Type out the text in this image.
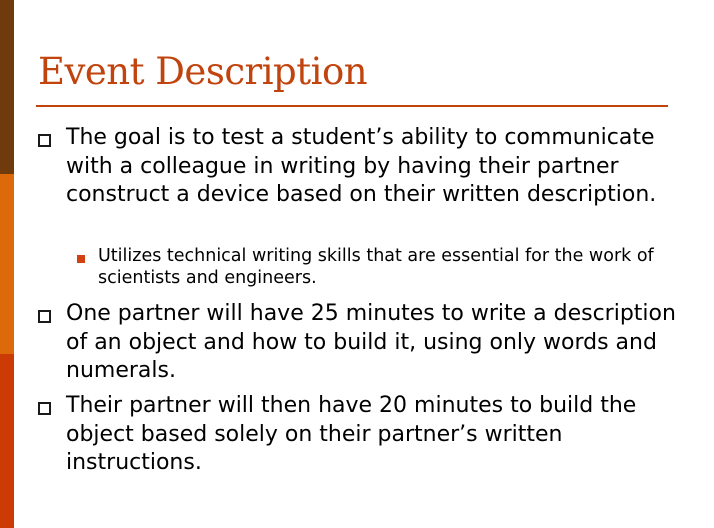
Event Description
The goal is to test a student’s ability to communicate with a colleague in writing by having their partner construct a device based on their written description.
Utilizes technical writing skills that are essential for the work of scientists and engineers.
One partner will have 25 minutes to write a description of an object and how to build it, using only words and numerals.
Their partner will then have 20 minutes to build the object based solely on their partner’s written instructions.
